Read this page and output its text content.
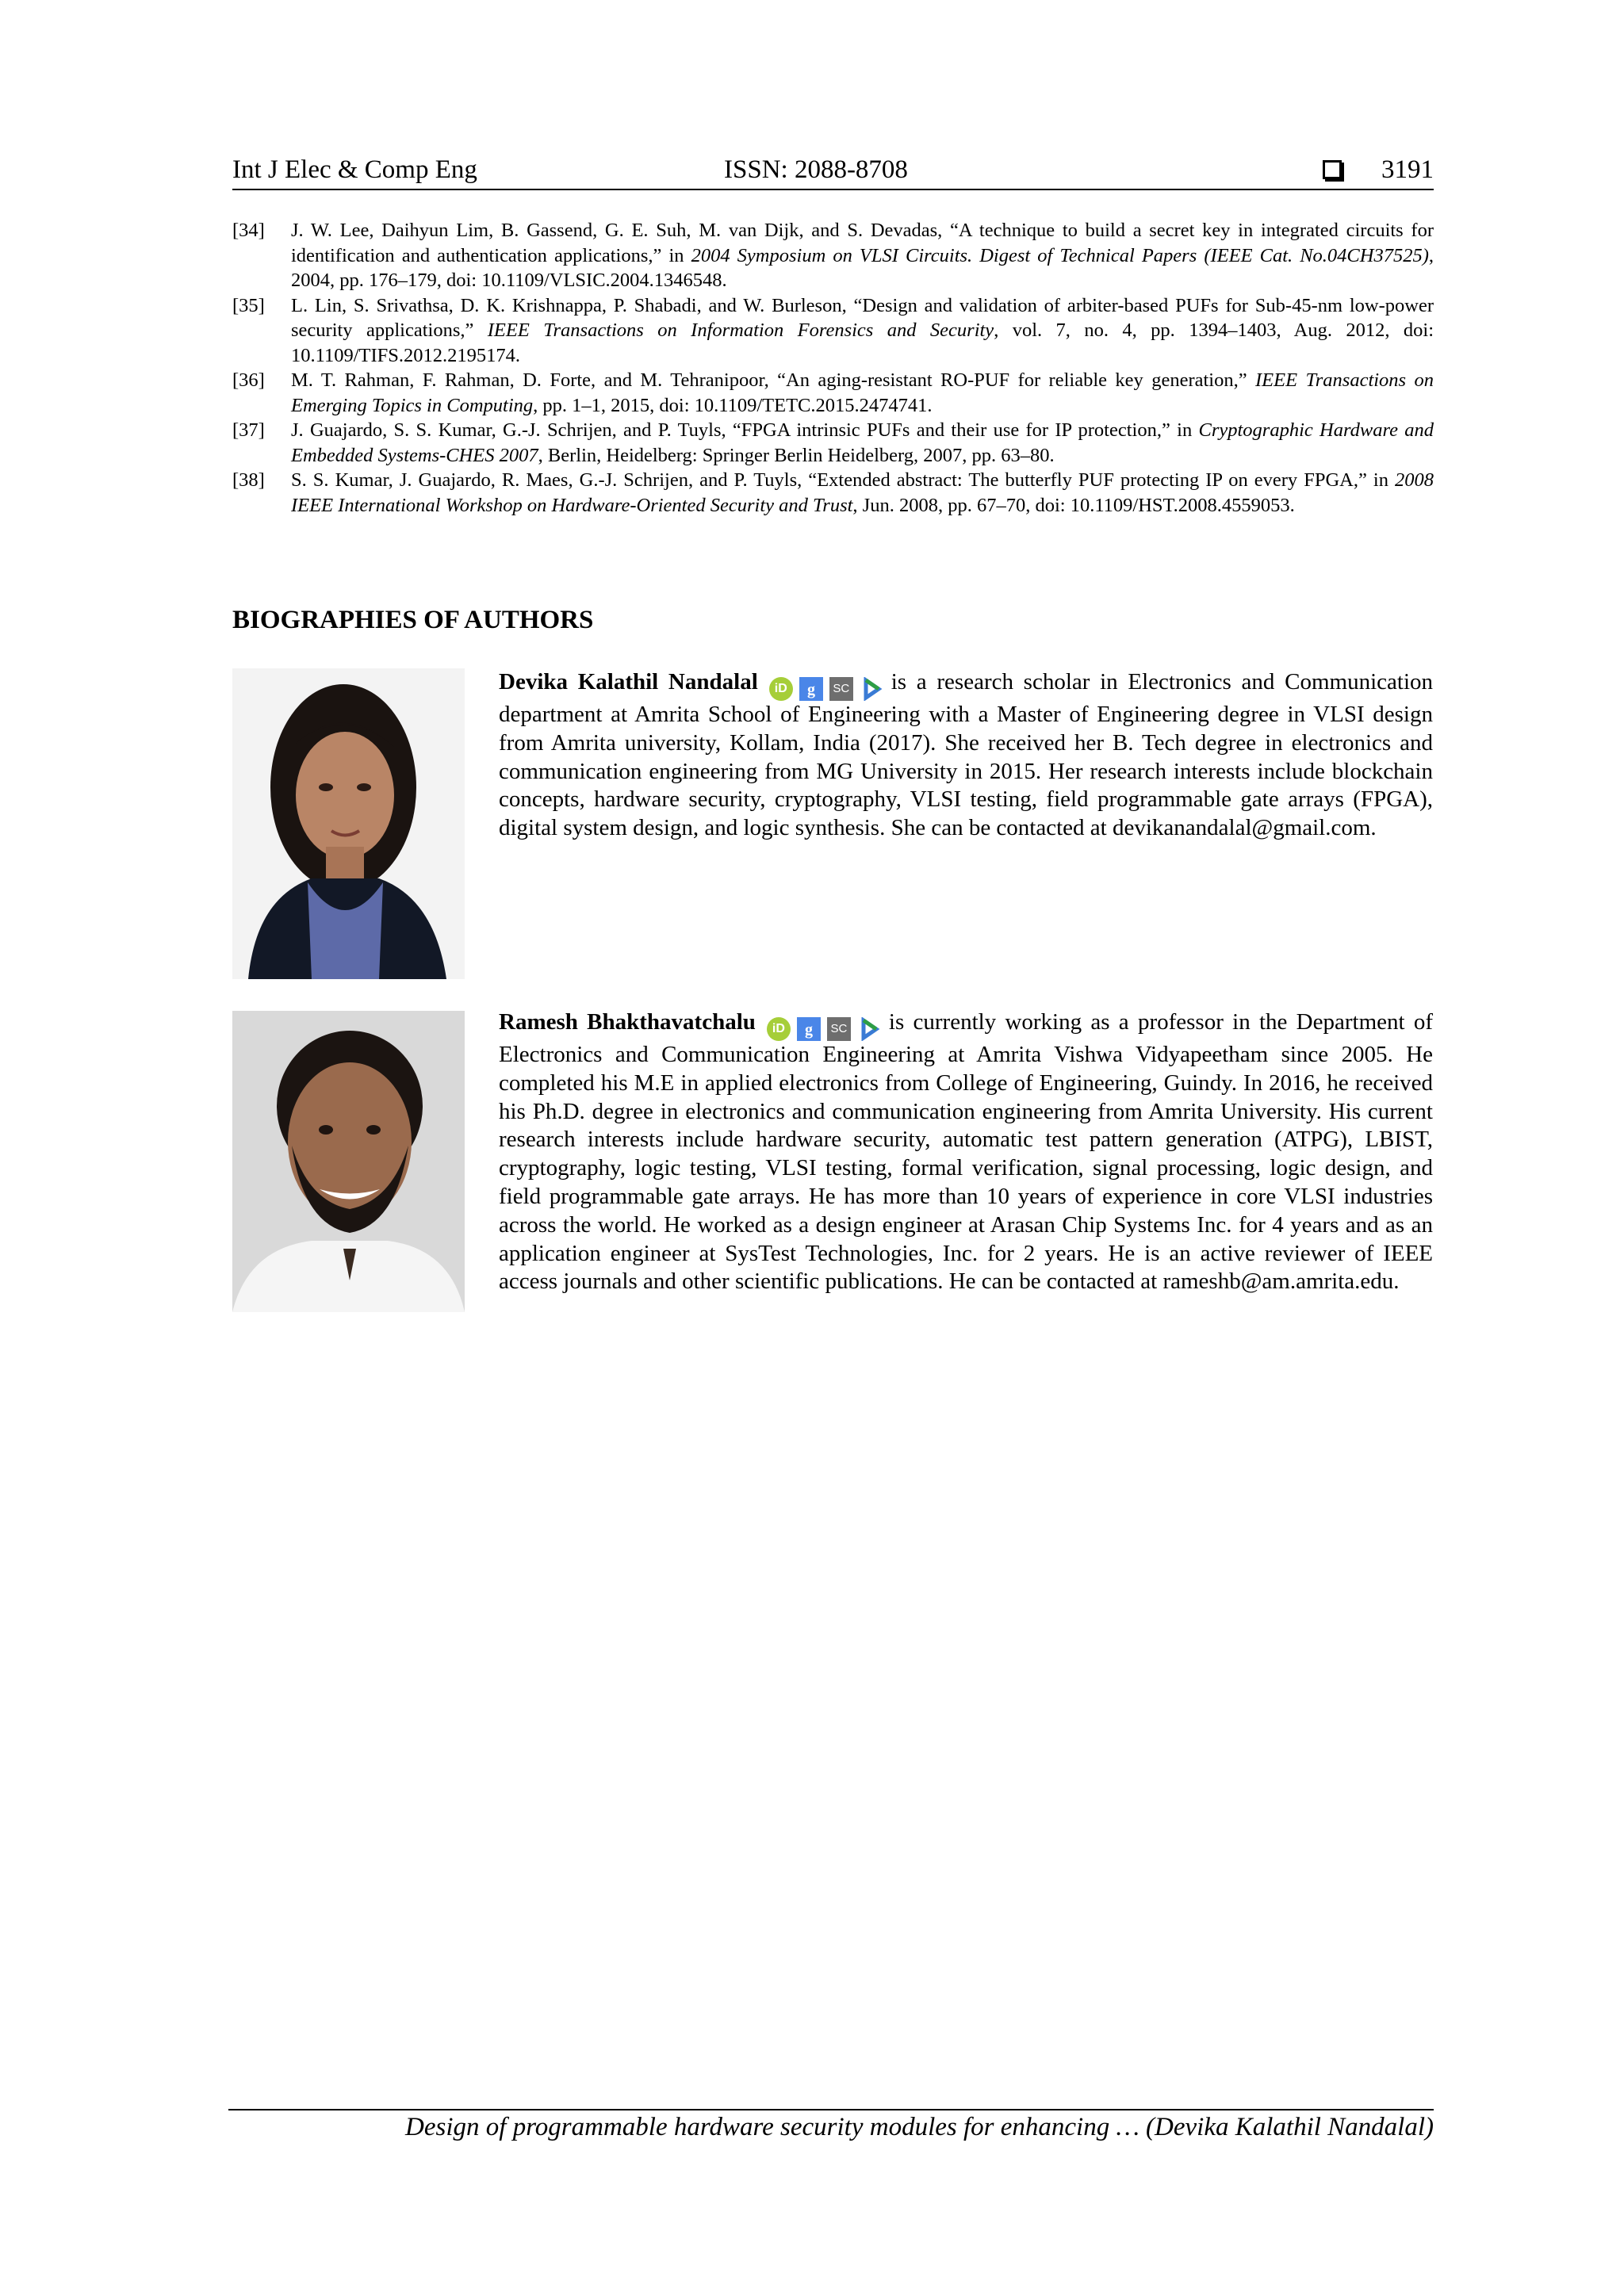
Int J Elec & Comp Eng	ISSN: 2088-8708	3191
[34]	J. W. Lee, Daihyun Lim, B. Gassend, G. E. Suh, M. van Dijk, and S. Devadas, “A technique to build a secret key in integrated circuits for identification and authentication applications,” in 2004 Symposium on VLSI Circuits. Digest of Technical Papers (IEEE Cat. No.04CH37525), 2004, pp. 176–179, doi: 10.1109/VLSIC.2004.1346548.
[35]	L. Lin, S. Srivathsa, D. K. Krishnappa, P. Shabadi, and W. Burleson, “Design and validation of arbiter-based PUFs for Sub-45-nm low-power security applications,” IEEE Transactions on Information Forensics and Security, vol. 7, no. 4, pp. 1394–1403, Aug. 2012, doi: 10.1109/TIFS.2012.2195174.
[36]	M. T. Rahman, F. Rahman, D. Forte, and M. Tehranipoor, “An aging-resistant RO-PUF for reliable key generation,” IEEE Transactions on Emerging Topics in Computing, pp. 1–1, 2015, doi: 10.1109/TETC.2015.2474741.
[37]	J. Guajardo, S. S. Kumar, G.-J. Schrijen, and P. Tuyls, “FPGA intrinsic PUFs and their use for IP protection,” in Cryptographic Hardware and Embedded Systems-CHES 2007, Berlin, Heidelberg: Springer Berlin Heidelberg, 2007, pp. 63–80.
[38]	S. S. Kumar, J. Guajardo, R. Maes, G.-J. Schrijen, and P. Tuyls, “Extended abstract: The butterfly PUF protecting IP on every FPGA,” in 2008 IEEE International Workshop on Hardware-Oriented Security and Trust, Jun. 2008, pp. 67–70, doi: 10.1109/HST.2008.4559053.
BIOGRAPHIES OF AUTHORS
Devika Kalathil Nandalal	iD	g	SC is a research scholar in Electronics and Communication department at Amrita School of Engineering with a Master of Engineering degree in VLSI design from Amrita university, Kollam, India (2017). She received her B. Tech degree in electronics and communication engineering from MG University in 2015. Her research interests include blockchain concepts, hardware security, cryptography, VLSI testing, field programmable gate arrays (FPGA), digital system design, and logic synthesis. She can be contacted at devikanandalal@gmail.com.
Ramesh Bhakthavatchalu	iD	g	SC is currently working as a professor in the Department of Electronics and Communication Engineering at Amrita Vishwa Vidyapeetham since 2005. He completed his M.E in applied electronics from College of Engineering, Guindy. In 2016, he received his Ph.D. degree in electronics and communication engineering from Amrita University. His current research interests include hardware security, automatic test pattern generation (ATPG), LBIST, cryptography, logic testing, VLSI testing, formal verification, signal processing, logic design, and field programmable gate arrays. He has more than 10 years of experience in core VLSI industries across the world. He worked as a design engineer at Arasan Chip Systems Inc. for 4 years and as an application engineer at SysTest Technologies, Inc. for 2 years. He is an active reviewer of IEEE access journals and other scientific publications. He can be contacted at rameshb@am.amrita.edu.
Design of programmable hardware security modules for enhancing … (Devika Kalathil Nandalal)
